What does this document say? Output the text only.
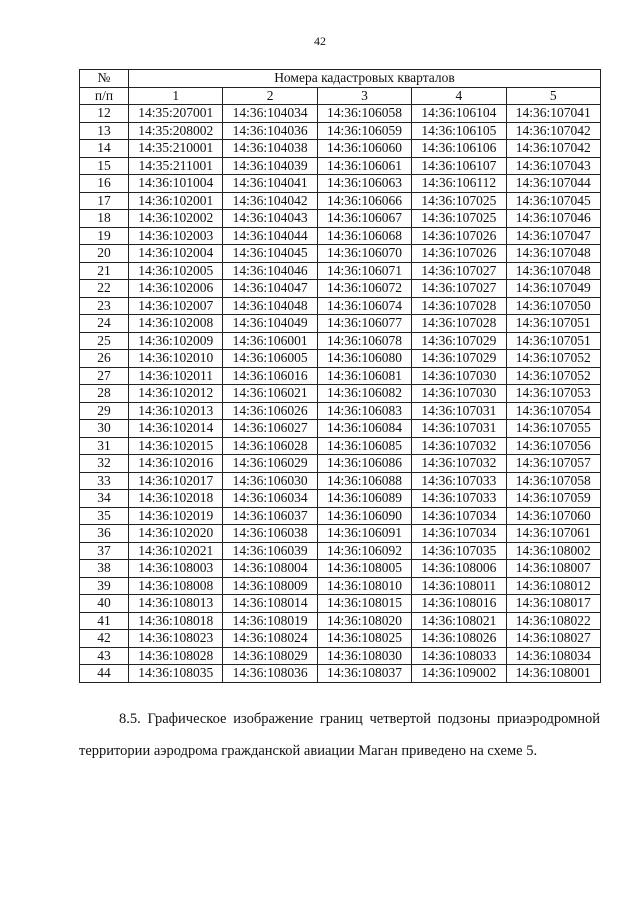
42
№	Номера кадастровых кварталов				
п/п	1	2	3	4	5
12	14:35:207001	14:36:104034	14:36:106058	14:36:106104	14:36:107041
13	14:35:208002	14:36:104036	14:36:106059	14:36:106105	14:36:107042
14	14:35:210001	14:36:104038	14:36:106060	14:36:106106	14:36:107042
15	14:35:211001	14:36:104039	14:36:106061	14:36:106107	14:36:107043
16	14:36:101004	14:36:104041	14:36:106063	14:36:106112	14:36:107044
17	14:36:102001	14:36:104042	14:36:106066	14:36:107025	14:36:107045
18	14:36:102002	14:36:104043	14:36:106067	14:36:107025	14:36:107046
19	14:36:102003	14:36:104044	14:36:106068	14:36:107026	14:36:107047
20	14:36:102004	14:36:104045	14:36:106070	14:36:107026	14:36:107048
21	14:36:102005	14:36:104046	14:36:106071	14:36:107027	14:36:107048
22	14:36:102006	14:36:104047	14:36:106072	14:36:107027	14:36:107049
23	14:36:102007	14:36:104048	14:36:106074	14:36:107028	14:36:107050
24	14:36:102008	14:36:104049	14:36:106077	14:36:107028	14:36:107051
25	14:36:102009	14:36:106001	14:36:106078	14:36:107029	14:36:107051
26	14:36:102010	14:36:106005	14:36:106080	14:36:107029	14:36:107052
27	14:36:102011	14:36:106016	14:36:106081	14:36:107030	14:36:107052
28	14:36:102012	14:36:106021	14:36:106082	14:36:107030	14:36:107053
29	14:36:102013	14:36:106026	14:36:106083	14:36:107031	14:36:107054
30	14:36:102014	14:36:106027	14:36:106084	14:36:107031	14:36:107055
31	14:36:102015	14:36:106028	14:36:106085	14:36:107032	14:36:107056
32	14:36:102016	14:36:106029	14:36:106086	14:36:107032	14:36:107057
33	14:36:102017	14:36:106030	14:36:106088	14:36:107033	14:36:107058
34	14:36:102018	14:36:106034	14:36:106089	14:36:107033	14:36:107059
35	14:36:102019	14:36:106037	14:36:106090	14:36:107034	14:36:107060
36	14:36:102020	14:36:106038	14:36:106091	14:36:107034	14:36:107061
37	14:36:102021	14:36:106039	14:36:106092	14:36:107035	14:36:108002
38	14:36:108003	14:36:108004	14:36:108005	14:36:108006	14:36:108007
39	14:36:108008	14:36:108009	14:36:108010	14:36:108011	14:36:108012
40	14:36:108013	14:36:108014	14:36:108015	14:36:108016	14:36:108017
41	14:36:108018	14:36:108019	14:36:108020	14:36:108021	14:36:108022
42	14:36:108023	14:36:108024	14:36:108025	14:36:108026	14:36:108027
43	14:36:108028	14:36:108029	14:36:108030	14:36:108033	14:36:108034
44	14:36:108035	14:36:108036	14:36:108037	14:36:109002	14:36:108001

8.5. Графическое изображение границ четвертой подзоны приаэродромной территории аэродрома гражданской авиации Маган приведено на схеме 5.
